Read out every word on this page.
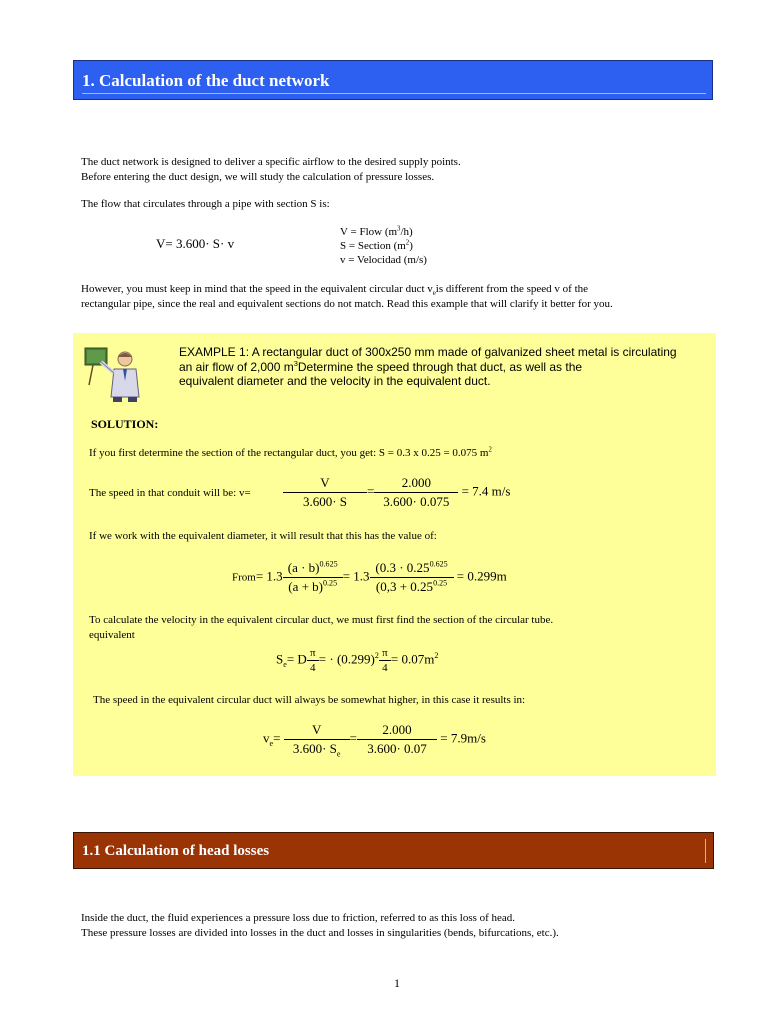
1. Calculation of the duct network
The duct network is designed to deliver a specific airflow to the desired supply points.
Before entering the duct design, we will study the calculation of pressure losses.
The flow that circulates through a pipe with section S is:
V= 3.600· S· v
V = Flow $(m^3/h)$
S = Section $(m^2)$
v = Velocidad (m/s)
However, you must keep in mind that the speed in the equivalent circular duct $v_eis$ different from the speed v of the
rectangular pipe, since the real and equivalent sections do not match. Read this example that will clarify it better for you.
EXAMPLE 1: A rectangular duct of 300x250 mm made of galvanized sheet metal is circulating
an air flow of 2,000 $m^3Determine$ the speed through that duct, as well as the
equivalent diameter and the velocity in the equivalent duct.
SOLUTION:
If you first determine the section of the rectangular duct, you get: S = 0.3 x 0.25 = 0.075 $m^2$
The speed in that conduit will be: $v= \frac{V}{3.600\cdot S} = \frac{2.000}{3.600\cdot 0.075} = 7.4$ m/s
If we work with the equivalent diameter, it will result that this has the value of:
From= $1.3 \frac{(a \cdot b)^{0.625}}{(a + b)^{0.25}} = 1.3 \frac{(0.3 \cdot 0.25^{0.625}}{(0,3 + 0.25^{0.25}} = 0.299m$
To calculate the velocity in the equivalent circular duct, we must first find the section of the circular tube.
equivalent
$S_e= D \frac{\pi}{4}$ = · $(0.299)^2 \frac{\pi}{4} = 0.07m^2$
The speed in the equivalent circular duct will always be somewhat higher, in this case it results in:
$v_e= \frac{V}{3.600\cdot S_e} = \frac{2.000}{3.600\cdot 0.07} = 7.9m/s$
1.1 Calculation of head losses
Inside the duct, the fluid experiences a pressure loss due to friction, referred to as this loss of head.
These pressure losses are divided into losses in the duct and losses in singularities (bends, bifurcations, etc.).
1
